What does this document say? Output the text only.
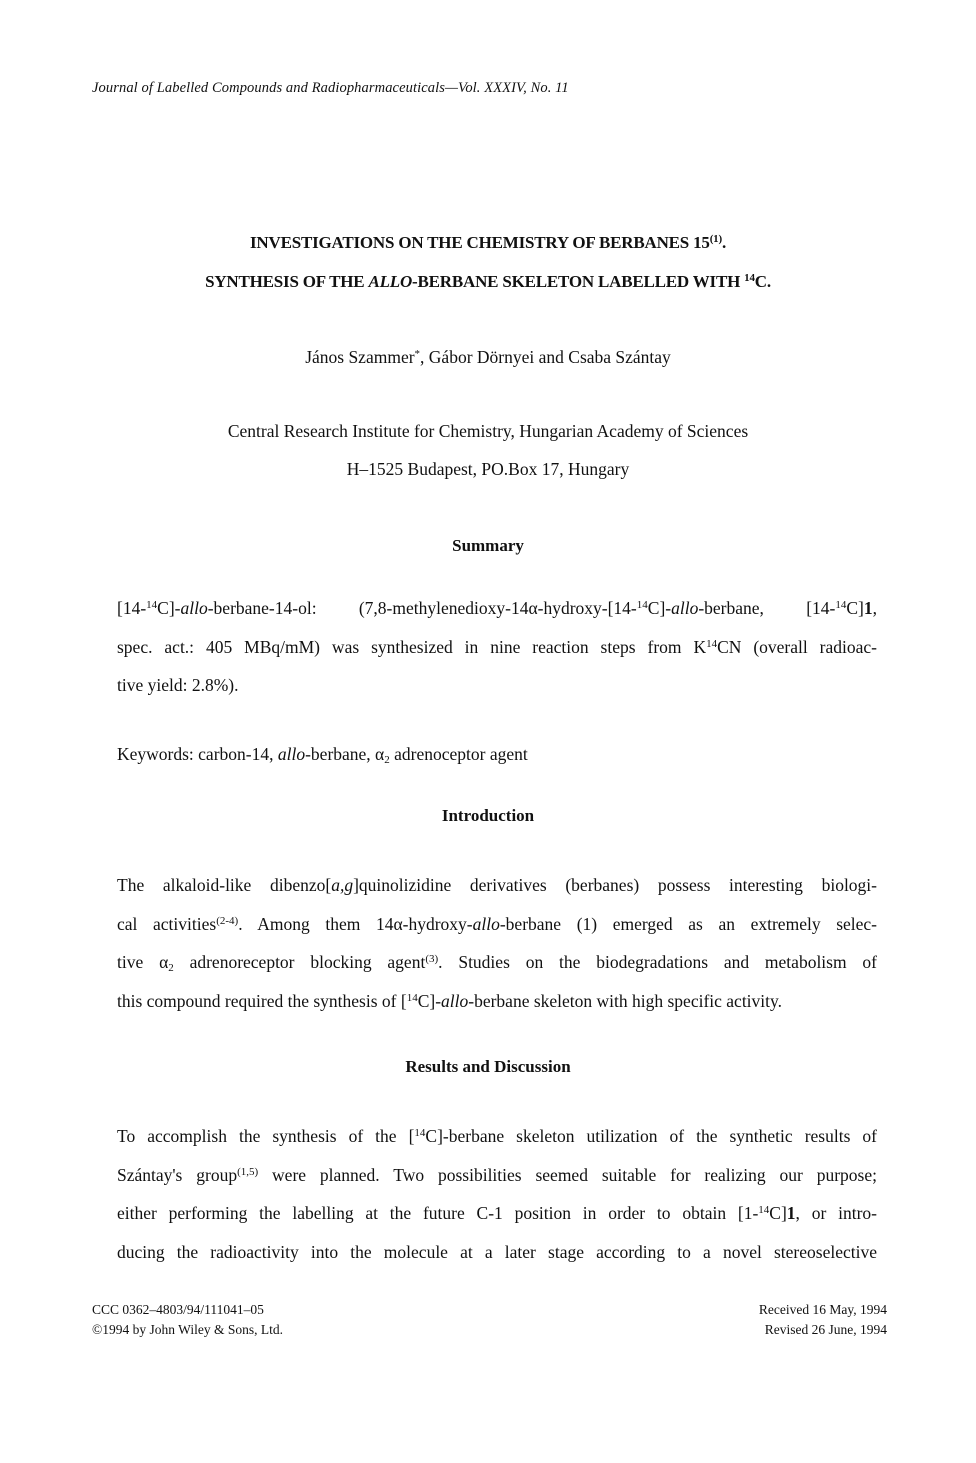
Journal of Labelled Compounds and Radiopharmaceuticals—Vol. XXXIV, No. 11
INVESTIGATIONS ON THE CHEMISTRY OF BERBANES 15$^{(1)}$.
SYNTHESIS OF THE ALLO-BERBANE SKELETON LABELLED WITH $^{14}$C.
János Szammer*, Gábor Dörnyei and Csaba Szántay
Central Research Institute for Chemistry, Hungarian Academy of Sciences
H–1525 Budapest, PO.Box 17, Hungary
Summary
[14-$^{14}$C]-allo-berbane-14-ol: (7,8-methylenedioxy-14α-hydroxy-[14-$^{14}$C]-allo-berbane, [14-$^{14}$C]1,
spec. act.: 405 MBq/mM) was synthesized in nine reaction steps from $K^{14}CN$ (overall radioac-
tive yield: 2.8%).
Keywords: carbon-14, allo-berbane, $\alpha_2$ adrenoceptor agent
Introduction
The alkaloid-like dibenzo[a,g]quinolizidine derivatives (berbanes) possess interesting biologi-
cal activities$^{(2-4)}$. Among them 14α-hydroxy-allo-berbane (1) emerged as an extremely selec-
tive $\alpha_2$ adrenoreceptor blocking agent$^{(3)}$. Studies on the biodegradations and metabolism of
this compound required the synthesis of [$^{14}$C]-allo-berbane skeleton with high specific activity.
Results and Discussion
To accomplish the synthesis of the [$^{14}$C]-berbane skeleton utilization of the synthetic results of
Szántay's group$^{(1,5)}$ were planned. Two possibilities seemed suitable for realizing our purpose;
either performing the labelling at the future C-1 position in order to obtain [1-$^{14}$C]1, or intro-
ducing the radioactivity into the molecule at a later stage according to a novel stereoselective
CCC 0362–4803/94/111041–05
©1994 by John Wiley & Sons, Ltd.
Received 16 May, 1994
Revised 26 June, 1994
